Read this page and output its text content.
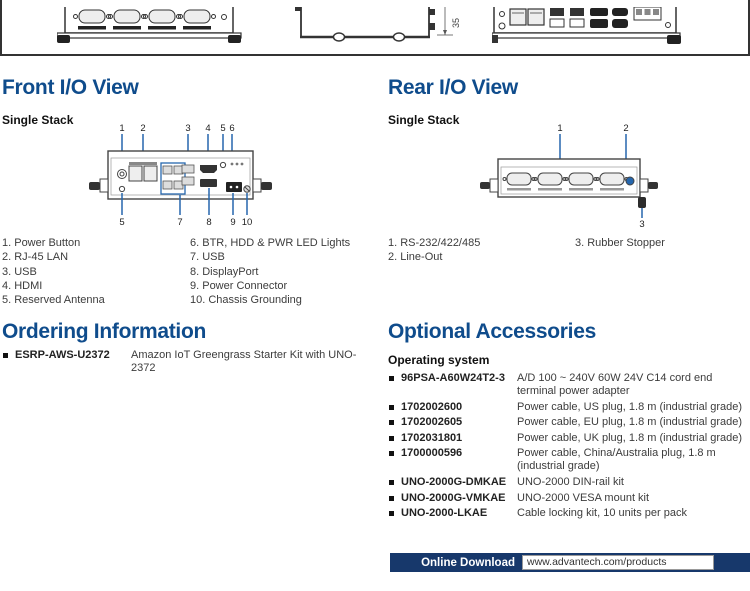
35
Front I/O View
Single Stack
1 2	3 4 5 6
5	7 8 9 10
1. Power Button
2. RJ-45 LAN
3. USB
4. HDMI
5. Reserved Antenna
6. BTR, HDD & PWR LED Lights
7. USB
8. DisplayPort
9. Power Connector
10. Chassis Grounding
Rear I/O View
Single Stack
1	2
3
1. RS-232/422/485
2. Line-Out
3. Rubber Stopper
Ordering Information
ESRP-AWS-U2372	Amazon IoT Greengrass Starter Kit with UNO-2372
Optional Accessories
Operating system
96PSA-A60W24T2-3	A/D 100 ~ 240V 60W 24V C14 cord end terminal power adapter
1702002600	Power cable, US plug, 1.8 m (industrial grade)
1702002605	Power cable, EU plug, 1.8 m (industrial grade)
1702031801	Power cable, UK plug, 1.8 m (industrial grade)
1700000596	Power cable, China/Australia plug, 1.8 m (industrial grade)
UNO-2000G-DMKAE UNO-2000 DIN-rail kit
UNO-2000G-VMKAE	UNO-2000 VESA mount kit
UNO-2000-LKAE	Cable locking kit, 10 units per pack
Online Download	www.advantech.com/products
